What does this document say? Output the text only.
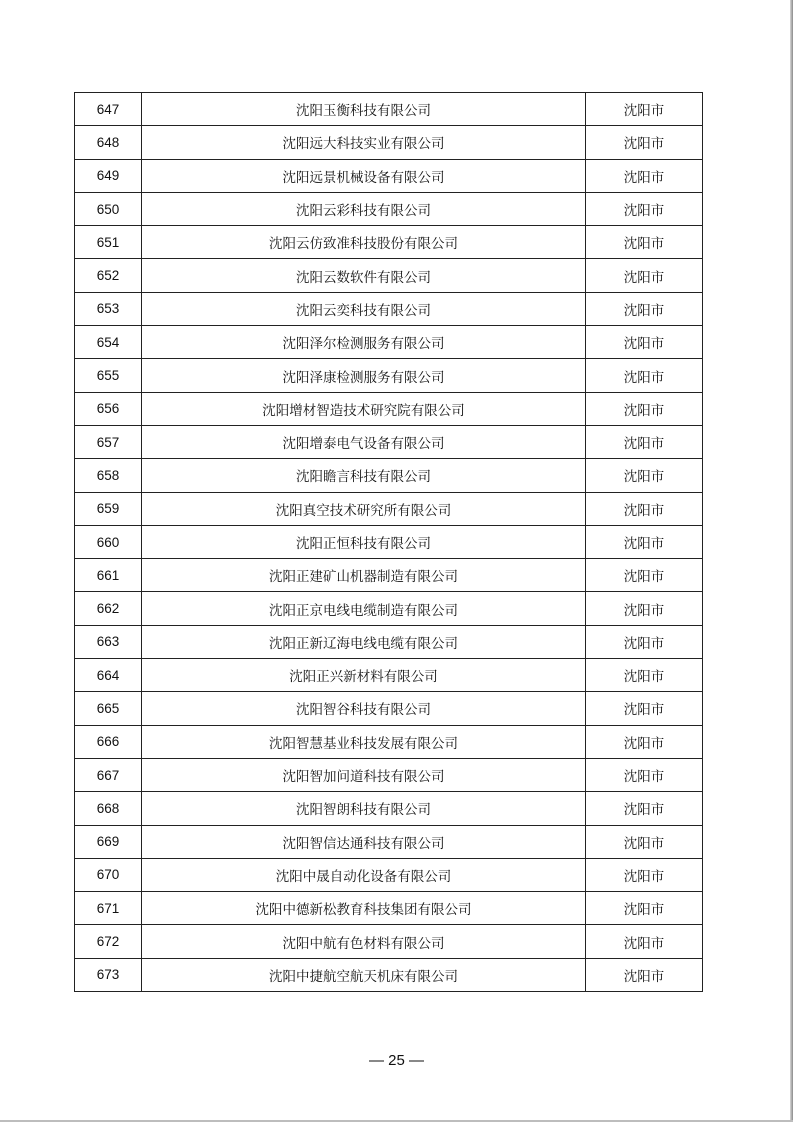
647	沈阳玉衡科技有限公司	沈阳市
648	沈阳远大科技实业有限公司	沈阳市
649	沈阳远景机械设备有限公司	沈阳市
650	沈阳云彩科技有限公司	沈阳市
651	沈阳云仿致准科技股份有限公司	沈阳市
652	沈阳云数软件有限公司	沈阳市
653	沈阳云奕科技有限公司	沈阳市
654	沈阳泽尔检测服务有限公司	沈阳市
655	沈阳泽康检测服务有限公司	沈阳市
656	沈阳增材智造技术研究院有限公司	沈阳市
657	沈阳增泰电气设备有限公司	沈阳市
658	沈阳瞻言科技有限公司	沈阳市
659	沈阳真空技术研究所有限公司	沈阳市
660	沈阳正恒科技有限公司	沈阳市
661	沈阳正建矿山机器制造有限公司	沈阳市
662	沈阳正京电线电缆制造有限公司	沈阳市
663	沈阳正新辽海电线电缆有限公司	沈阳市
664	沈阳正兴新材料有限公司	沈阳市
665	沈阳智谷科技有限公司	沈阳市
666	沈阳智慧基业科技发展有限公司	沈阳市
667	沈阳智加问道科技有限公司	沈阳市
668	沈阳智朗科技有限公司	沈阳市
669	沈阳智信达通科技有限公司	沈阳市
670	沈阳中晟自动化设备有限公司	沈阳市
671	沈阳中德新松教育科技集团有限公司	沈阳市
672	沈阳中航有色材料有限公司	沈阳市
673	沈阳中捷航空航天机床有限公司	沈阳市
— 25 —
